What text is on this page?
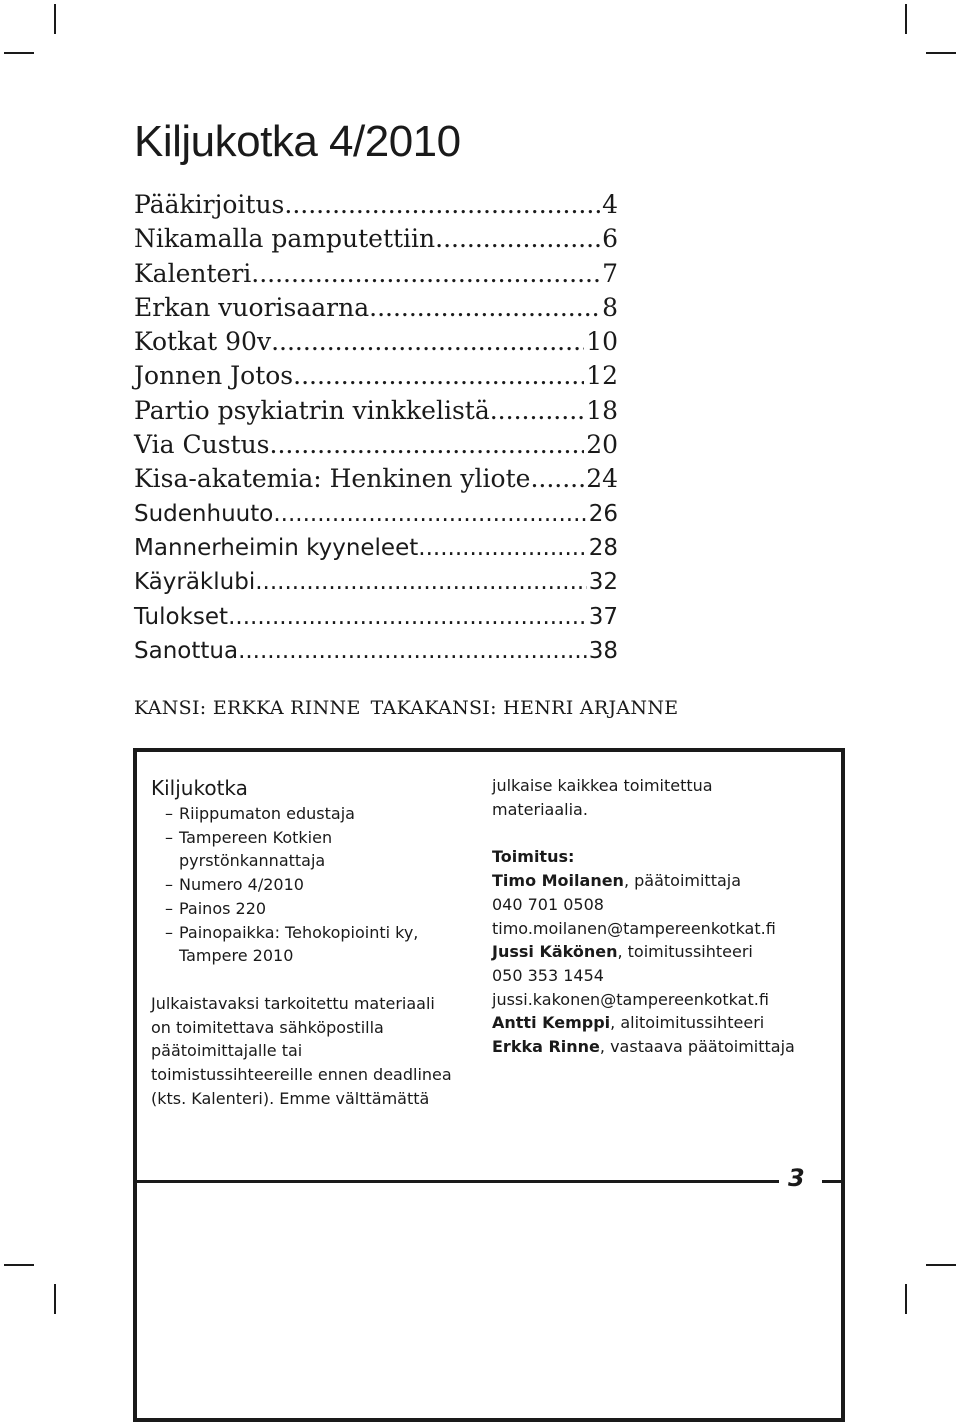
Kiljukotka 4/2010
Pääkirjoitus .....	4
Nikamalla pamputettiin .....	6
Kalenteri .....	7
Erkan vuorisaarna .....	8
Kotkat 90v .....	10
Jonnen Jotos .....	12
Partio psykiatrin vinkkelistä .....	18
Via Custus .....	20
Kisa-akatemia: Henkinen yliote ..... 24
Sudenhuuto .....	26
Mannerheimin kyyneleet .....	28
Käyräklubi .....	32
Tulokset .....	37
Sanottua .....	38
KANSI: ERKKA RINNE TAKAKANSI: HENRI ARJANNE
Kiljukotka
– Riippumaton edustaja
– Tampereen Kotkien
pyrstönkannattaja
– Numero 4/2010
– Painos 220
– Painopaikka: Tehokopiointi ky,
Tampere 2010
Julkaistavaksi tarkoitettu materiaali
on toimitettava sähköpostilla
päätoimittajalle tai
toimistussihteereille ennen deadlinea
(kts. Kalenteri). Emme välttämättä
julkaise kaikkea toimitettua
materiaalia.
Toimitus:
Timo Moilanen, päätoimittaja
040 701 0508
timo.moilanen@tampereenkotkat.fi
Jussi Käkönen, toimitussihteeri
050 353 1454
jussi.kakonen@tampereenkotkat.fi
Antti Kemppi, alitoimitussihteeri
Erkka Rinne, vastaava päätoimittaja
3
